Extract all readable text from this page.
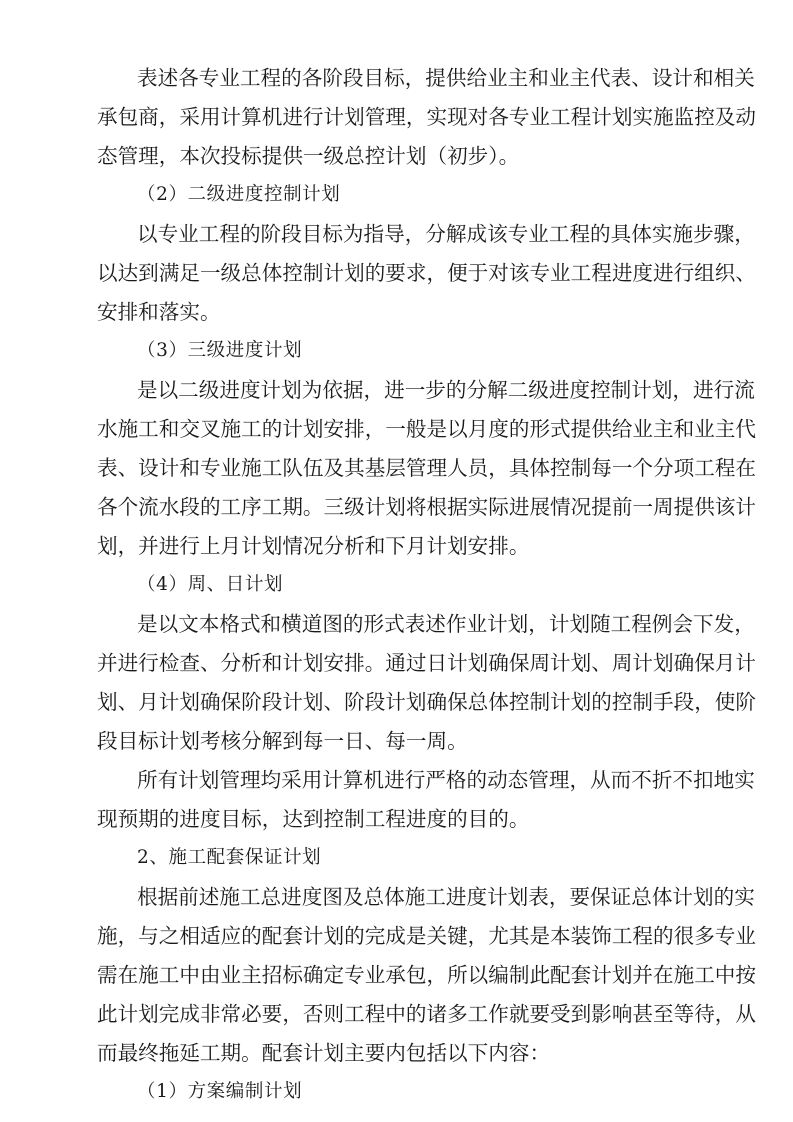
表述各专业工程的各阶段目标，提供给业主和业主代表、设计和相关
承包商，采用计算机进行计划管理，实现对各专业工程计划实施监控及动
态管理，本次投标提供一级总控计划（初步）。
（2）二级进度控制计划
以专业工程的阶段目标为指导，分解成该专业工程的具体实施步骤，
以达到满足一级总体控制计划的要求，便于对该专业工程进度进行组织、
安排和落实。
（3）三级进度计划
是以二级进度计划为依据，进一步的分解二级进度控制计划，进行流
水施工和交叉施工的计划安排，一般是以月度的形式提供给业主和业主代
表、设计和专业施工队伍及其基层管理人员，具体控制每一个分项工程在
各个流水段的工序工期。三级计划将根据实际进展情况提前一周提供该计
划，并进行上月计划情况分析和下月计划安排。
（4）周、日计划
是以文本格式和横道图的形式表述作业计划，计划随工程例会下发，
并进行检查、分析和计划安排。通过日计划确保周计划、周计划确保月计
划、月计划确保阶段计划、阶段计划确保总体控制计划的控制手段，使阶
段目标计划考核分解到每一日、每一周。
所有计划管理均采用计算机进行严格的动态管理，从而不折不扣地实
现预期的进度目标，达到控制工程进度的目的。
2、施工配套保证计划
根据前述施工总进度图及总体施工进度计划表，要保证总体计划的实
施，与之相适应的配套计划的完成是关键，尤其是本装饰工程的很多专业
需在施工中由业主招标确定专业承包，所以编制此配套计划并在施工中按
此计划完成非常必要，否则工程中的诸多工作就要受到影响甚至等待，从
而最终拖延工期。配套计划主要内包括以下内容：
（1）方案编制计划
